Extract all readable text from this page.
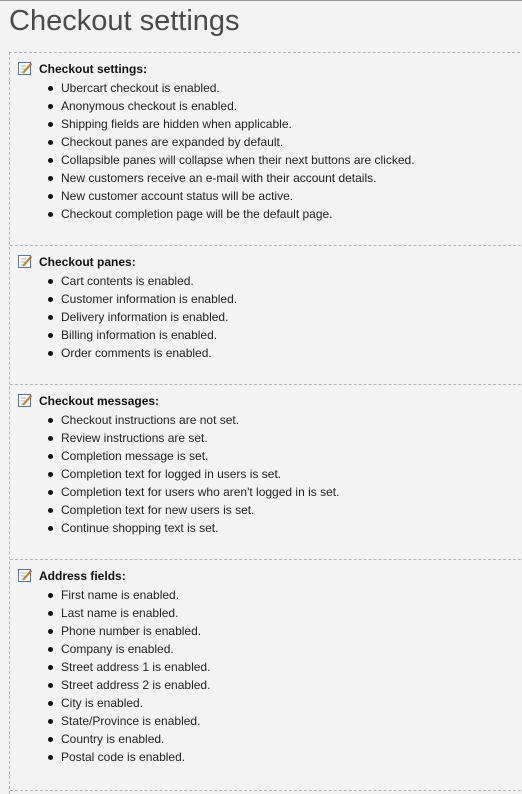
Checkout settings
Checkout settings:
Ubercart checkout is enabled.
Anonymous checkout is enabled.
Shipping fields are hidden when applicable.
Checkout panes are expanded by default.
Collapsible panes will collapse when their next buttons are clicked.
New customers receive an e-mail with their account details.
New customer account status will be active.
Checkout completion page will be the default page.
Checkout panes:
Cart contents is enabled.
Customer information is enabled.
Delivery information is enabled.
Billing information is enabled.
Order comments is enabled.
Checkout messages:
Checkout instructions are not set.
Review instructions are set.
Completion message is set.
Completion text for logged in users is set.
Completion text for users who aren't logged in is set.
Completion text for new users is set.
Continue shopping text is set.
Address fields:
First name is enabled.
Last name is enabled.
Phone number is enabled.
Company is enabled.
Street address 1 is enabled.
Street address 2 is enabled.
City is enabled.
State/Province is enabled.
Country is enabled.
Postal code is enabled.
